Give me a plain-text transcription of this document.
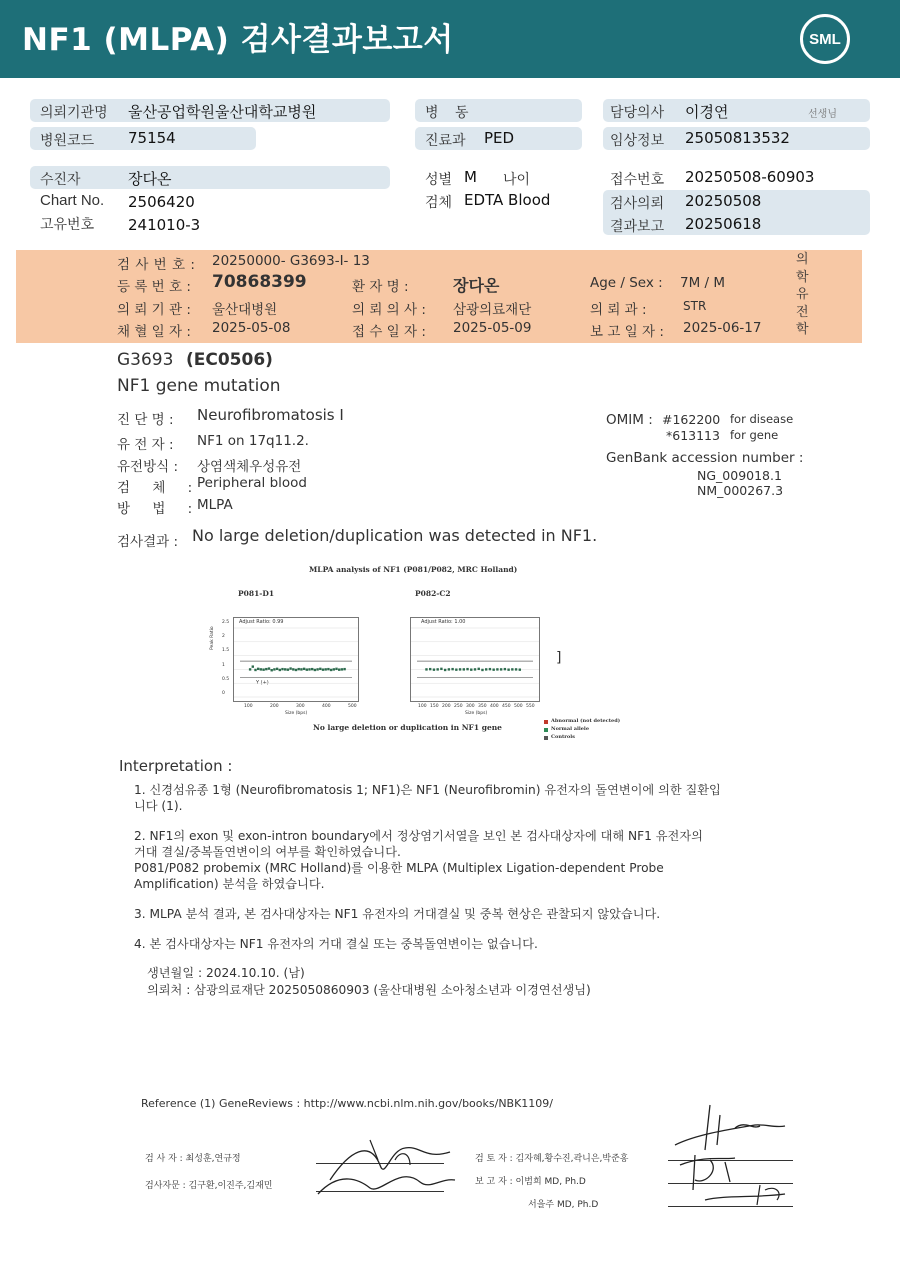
NF1 (MLPA) 검사결과보고서	SML
의뢰기관명 울산공업학원울산대학교병원
병원코드 75154
병 동
진료과 PED
담당의사 이경연	선생님
임상정보 25050813532
수진자	장다온
Chart No. 2506420
고유번호 241010-3
성별 M 나이
검체 EDTA Blood
접수번호 20250508-60903
검사의뢰 20250508
결과보고 20250618
검 사 번 호 : 20250000- G3693-I- 13
등 록 번 호 : 70868399	환 자 명 :	장다온	Age / Sex : 7M / M
의 뢰 기 관 : 울산대병원	의 뢰 의 사 : 삼광의료재단	의 뢰 과 :	STR
채 혈 일 자 : 2025-05-08	접 수 일 자 : 2025-05-09	보 고 일 자 : 2025-06-17
의
학
유
전
학
G3693 (EC0506)
NF1 gene mutation
진 단 명 : Neurofibromatosis I
유 전 자 : NF1 on 17q11.2.
유전방식 : 상염색체우성유전
검 체 : Peripheral blood
방 법 : MLPA
OMIM : #162200 for disease
*613113 for gene
GenBank accession number :
NG_009018.1
NM_000267.3
검사결과 : No large deletion/duplication was detected in NF1.
MLPA analysis of NF1 (P081/P082, MRC Holland)
P081-D1	P082-C2
Adjust Ratio: 0.99
Y (+)
Adjust Ratio: 1.00
2.5
2
1.5
1
0.5
0
100	200	300	400	500	100 150 200 250 300 350 400 450 500 550
Peak Ratio
Size (bps)	Size (bps)
]
No large deletion or duplication in NF1 gene
Abnormal (not detected)
Normal allele
Controls
Interpretation :
1. 신경섬유종 1형 (Neurofibromatosis 1; NF1)은 NF1 (Neurofibromin) 유전자의 돌연변이에 의한 질환입
니다 (1).
2. NF1의 exon 및 exon-intron boundary에서 정상염기서열을 보인 본 검사대상자에 대해 NF1 유전자의
거대 결실/중복돌연변이의 여부를 확인하였습니다.
P081/P082 probemix (MRC Holland)를 이용한 MLPA (Multiplex Ligation-dependent Probe
Amplification) 분석을 하였습니다.
3. MLPA 분석 결과, 본 검사대상자는 NF1 유전자의 거대결실 및 중복 현상은 관찰되지 않았습니다.
4. 본 검사대상자는 NF1 유전자의 거대 결실 또는 중복돌연변이는 없습니다.
생년월일 : 2024.10.10. (남)
의뢰처 : 삼광의료재단 2025050860903 (울산대병원 소아청소년과 이경연선생님)
Reference (1) GeneReviews : http://www.ncbi.nlm.nih.gov/books/NBK1109/
검 사 자 : 최성훈,연규정
검사자문 : 김구환,이진주,김재민
검 토 자 : 김자혜,황수진,곽니은,박준홍
보 고 자 : 이범희 MD, Ph.D
서을주 MD, Ph.D
